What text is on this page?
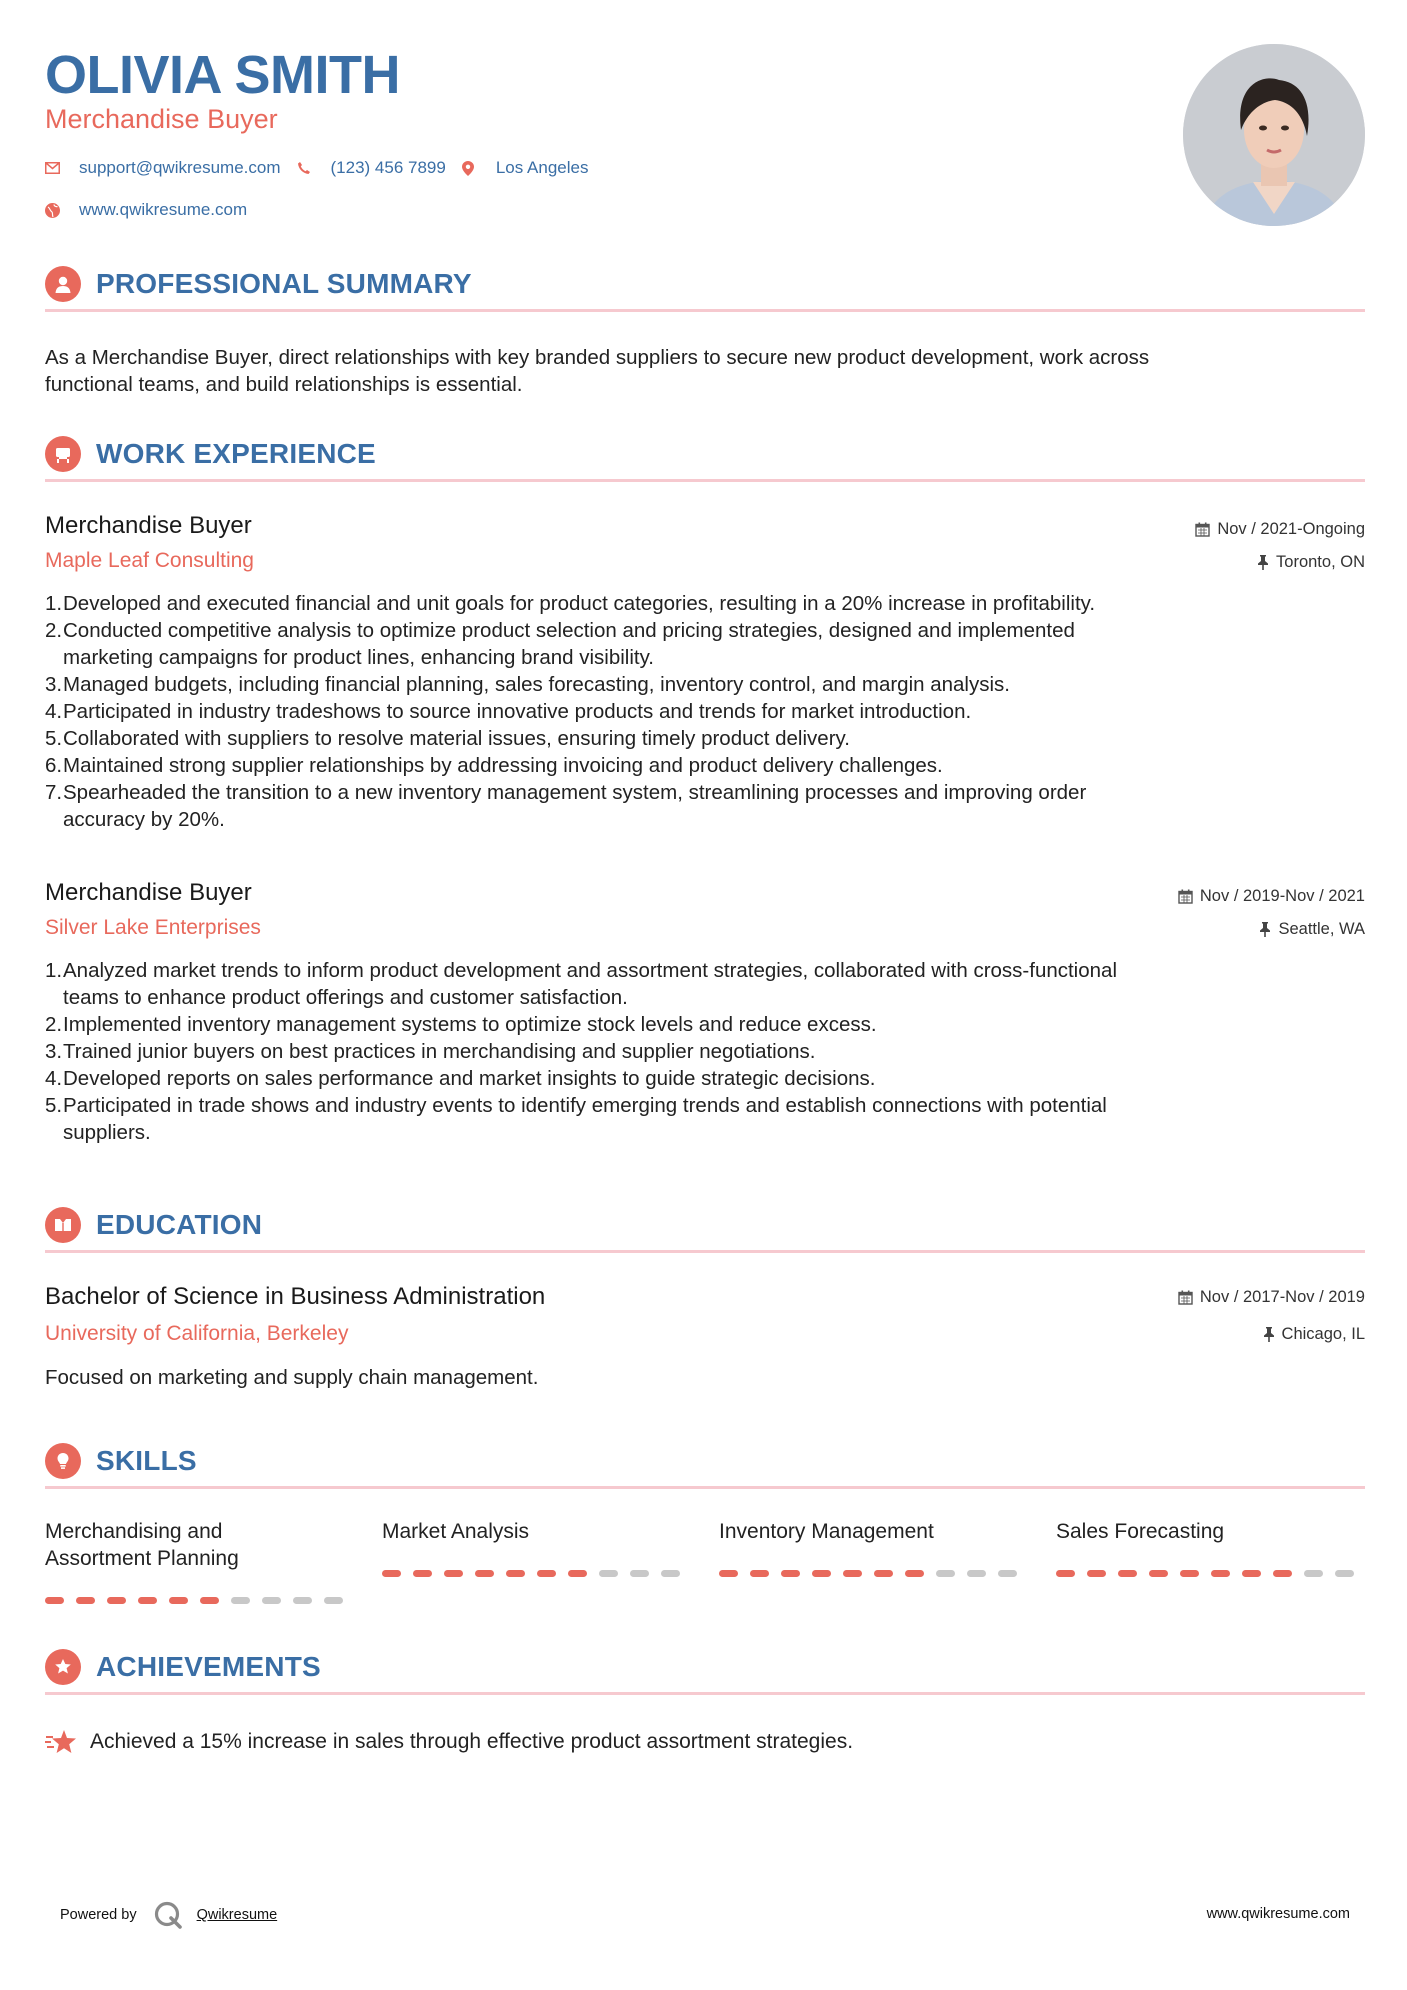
OLIVIA SMITH
Merchandise Buyer
support@qwikresume.com	(123) 456 7899	Los Angeles
www.qwikresume.com
PROFESSIONAL SUMMARY
As a Merchandise Buyer, direct relationships with key branded suppliers to secure new product development, work across
functional teams, and build relationships is essential.
WORK EXPERIENCE
Merchandise Buyer
Maple Leaf Consulting
Nov / 2021-Ongoing
Toronto, ON
1. Developed and executed financial and unit goals for product categories, resulting in a 20% increase in profitability.
2. Conducted competitive analysis to optimize product selection and pricing strategies, designed and implemented
marketing campaigns for product lines, enhancing brand visibility.
3. Managed budgets, including financial planning, sales forecasting, inventory control, and margin analysis.
4. Participated in industry tradeshows to source innovative products and trends for market introduction.
5. Collaborated with suppliers to resolve material issues, ensuring timely product delivery.
6. Maintained strong supplier relationships by addressing invoicing and product delivery challenges.
7. Spearheaded the transition to a new inventory management system, streamlining processes and improving order
accuracy by 20%.
Merchandise Buyer
Silver Lake Enterprises
Nov / 2019-Nov / 2021
Seattle, WA
1. Analyzed market trends to inform product development and assortment strategies, collaborated with cross-functional
teams to enhance product offerings and customer satisfaction.
2. Implemented inventory management systems to optimize stock levels and reduce excess.
3. Trained junior buyers on best practices in merchandising and supplier negotiations.
4. Developed reports on sales performance and market insights to guide strategic decisions.
5. Participated in trade shows and industry events to identify emerging trends and establish connections with potential
suppliers.
EDUCATION
Bachelor of Science in Business Administration
University of California, Berkeley
Nov / 2017-Nov / 2019
Chicago, IL
Focused on marketing and supply chain management.
SKILLS
Merchandising and
Assortment Planning
Market Analysis	Inventory Management	Sales Forecasting
ACHIEVEMENTS
Achieved a 15% increase in sales through effective product assortment strategies.
Powered by	Qwikresume	www.qwikresume.com
